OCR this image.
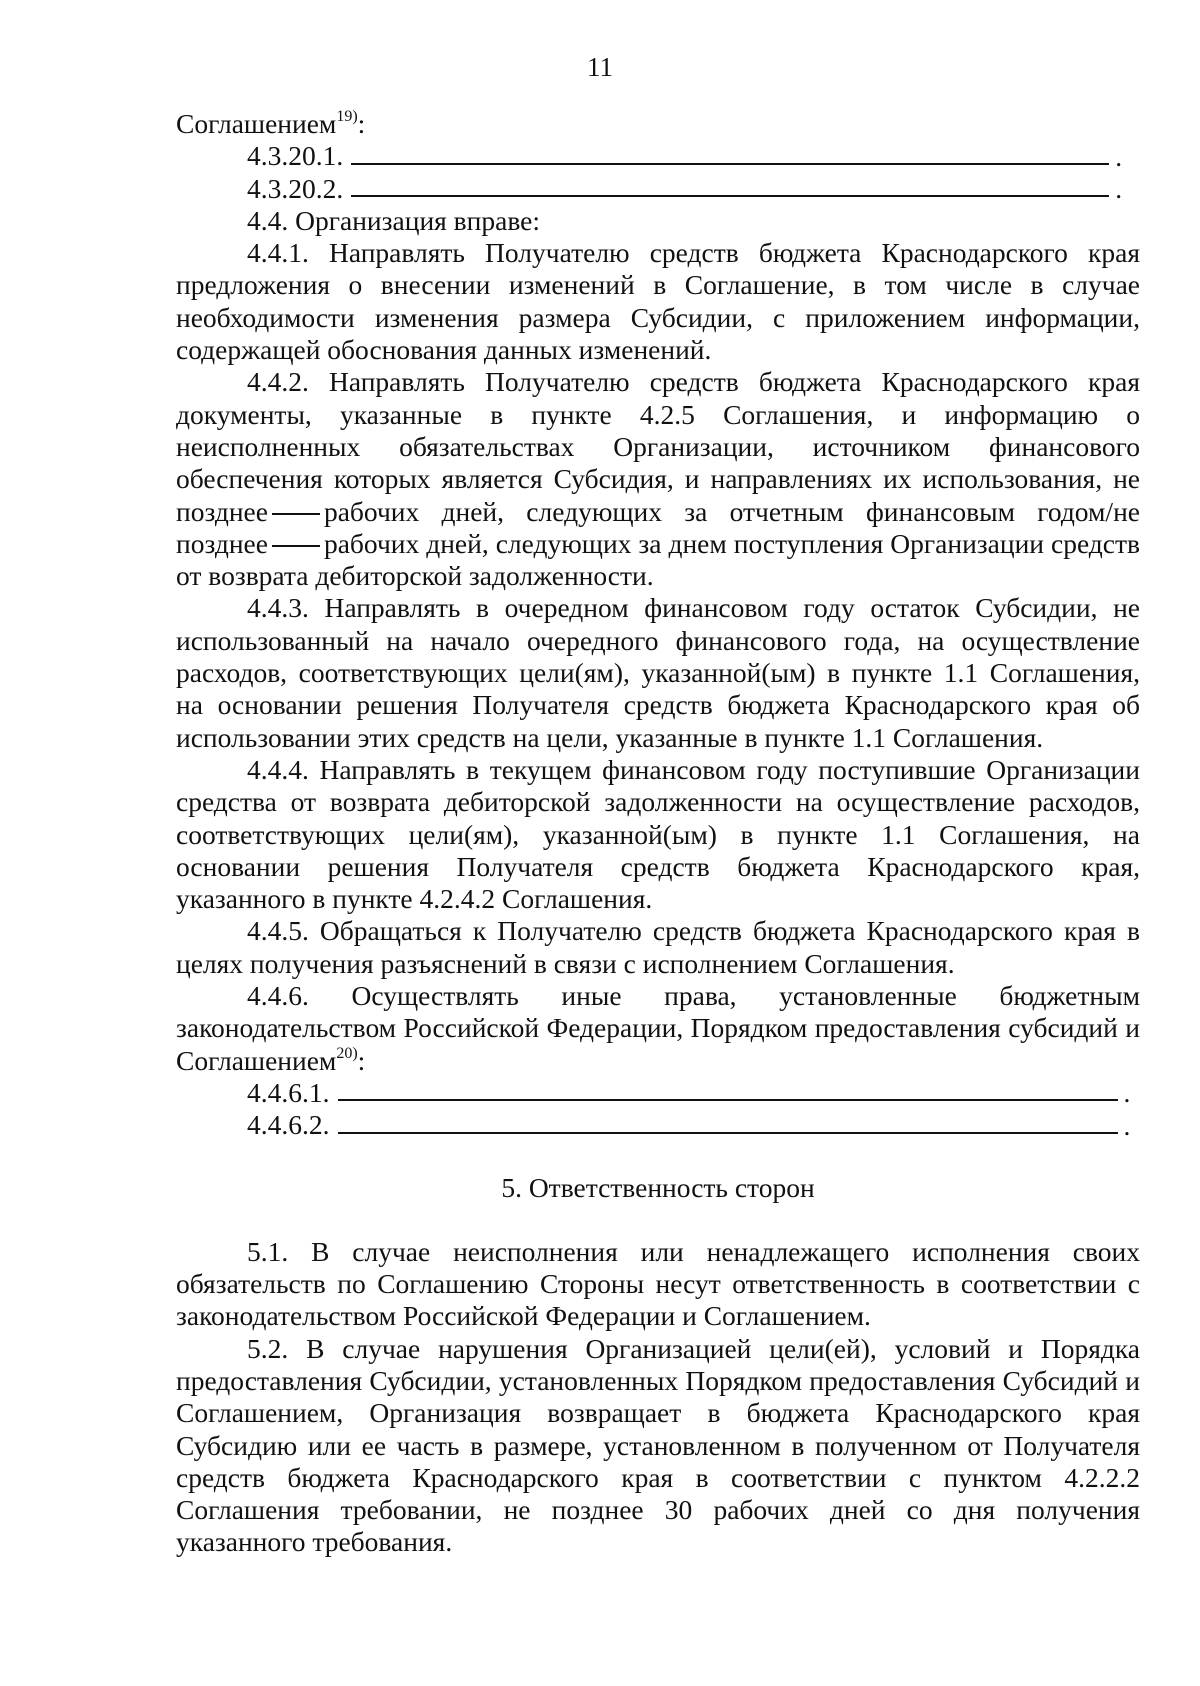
11

Соглашением$^{19)}$:

4.3.20.1.	.
4.3.20.2.	.

4.4. Организация вправе:

4.4.1. Направлять Получателю средств бюджета Краснодарского края предложения о внесении изменений в Соглашение, в том числе в случае необходимости изменения размера Субсидии, с приложением информации, содержащей обоснования данных изменений.

4.4.2. Направлять Получателю средств бюджета Краснодарского края документы, указанные в пункте 4.2.5 Соглашения, и информацию о неисполненных обязательствах Организации, источником финансового обеспечения которых является Субсидия, и направлениях их использования, не позднее рабочих дней, следующих за отчетным финансовым годом/не позднее рабочих дней, следующих за днем поступления Организации средств от возврата дебиторской задолженности.

4.4.3. Направлять в очередном финансовом году остаток Субсидии, не использованный на начало очередного финансового года, на осуществление расходов, соответствующих цели(ям), указанной(ым) в пункте 1.1 Соглашения, на основании решения Получателя средств бюджета Краснодарского края об использовании этих средств на цели, указанные в пункте 1.1 Соглашения.

4.4.4. Направлять в текущем финансовом году поступившие Организации средства от возврата дебиторской задолженности на осуществление расходов, соответствующих цели(ям), указанной(ым) в пункте 1.1 Соглашения, на основании решения Получателя средств бюджета Краснодарского края, указанного в пункте 4.2.4.2 Соглашения.

4.4.5. Обращаться к Получателю средств бюджета Краснодарского края в целях получения разъяснений в связи с исполнением Соглашения.

4.4.6. Осуществлять иные права, установленные бюджетным законодательством Российской Федерации, Порядком предоставления субсидий и Соглашением$^{20)}$:

4.4.6.1.	.
4.4.6.2.	.

5. Ответственность сторон

5.1. В случае неисполнения или ненадлежащего исполнения своих обязательств по Соглашению Стороны несут ответственность в соответствии с законодательством Российской Федерации и Соглашением.

5.2. В случае нарушения Организацией цели(ей), условий и Порядка предоставления Субсидии, установленных Порядком предоставления Субсидий и Соглашением, Организация возвращает в бюджета Краснодарского края Субсидию или ее часть в размере, установленном в полученном от Получателя средств бюджета Краснодарского края в соответствии с пунктом 4.2.2.2 Соглашения требовании, не позднее 30 рабочих дней со дня получения указанного требования.
